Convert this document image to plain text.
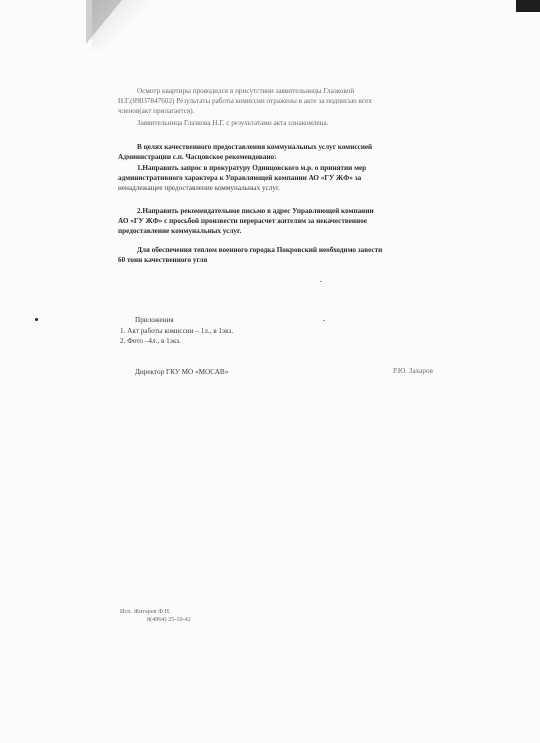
Осмотр квартиры проводился в присутствии заявительницы Глазковой
Н.Г.(89037847602) Результаты работы комиссии отражены в акте за подписью всех
членов(акт прилагается).
Заявительница Глазкова Н.Г. с результатами акта ознакомлена.
В целях качественного предоставления коммунальных услуг комиссией
Администрации с.п. Часцовское рекомендовано:
1.Направить запрос в прокуратуру Одинцовского м.р. о принятии мер
административного характера к Управляющей компании АО «ГУ ЖФ» за
ненадлежащее предоставление коммунальных услуг.
2.Направить рекомендательное письмо в адрес Управляющей компании
АО «ГУ ЖФ» с просьбой произвести перерасчет жителям за некачественное
предоставление коммунальных услуг.
Для обеспечения теплом военного городка Покровский необходимо завести
60 тонн качественного угля
Приложения
1. Акт работы комиссии – 1л., в 1экз.
2. Фото –4л., в 1экз.
Директор ГКУ МО «МОСАВ»	Р.Ю. Захаров
Исп. Жигарев Ф.Н.
8(4964) 25-10-42
